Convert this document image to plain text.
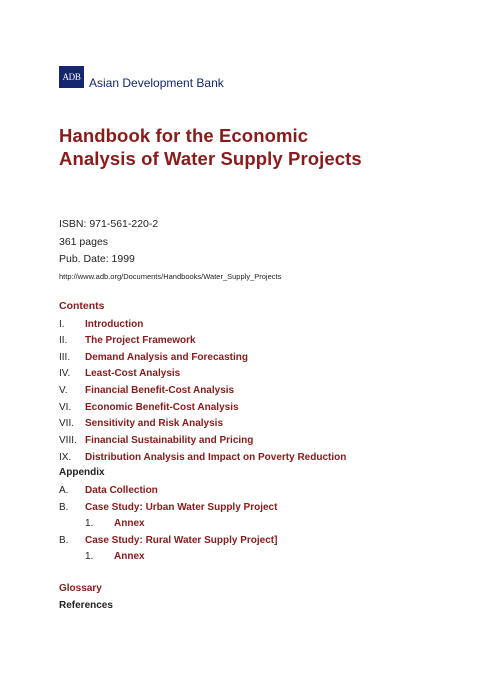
ADB Asian Development Bank
Handbook for the Economic
Analysis of Water Supply Projects
ISBN: 971-561-220-2
361 pages
Pub. Date: 1999
http://www.adb.org/Documents/Handbooks/Water_Supply_Projects
Contents
I. Introduction
II. The Project Framework
III. Demand Analysis and Forecasting
IV. Least-Cost Analysis
V. Financial Benefit-Cost Analysis
VI. Economic Benefit-Cost Analysis
VII. Sensitivity and Risk Analysis
VIII. Financial Sustainability and Pricing
IX. Distribution Analysis and Impact on Poverty Reduction
Appendix
A. Data Collection
B. Case Study: Urban Water Supply Project
1. Annex
B. Case Study: Rural Water Supply Project]
1. Annex
Glossary
References
